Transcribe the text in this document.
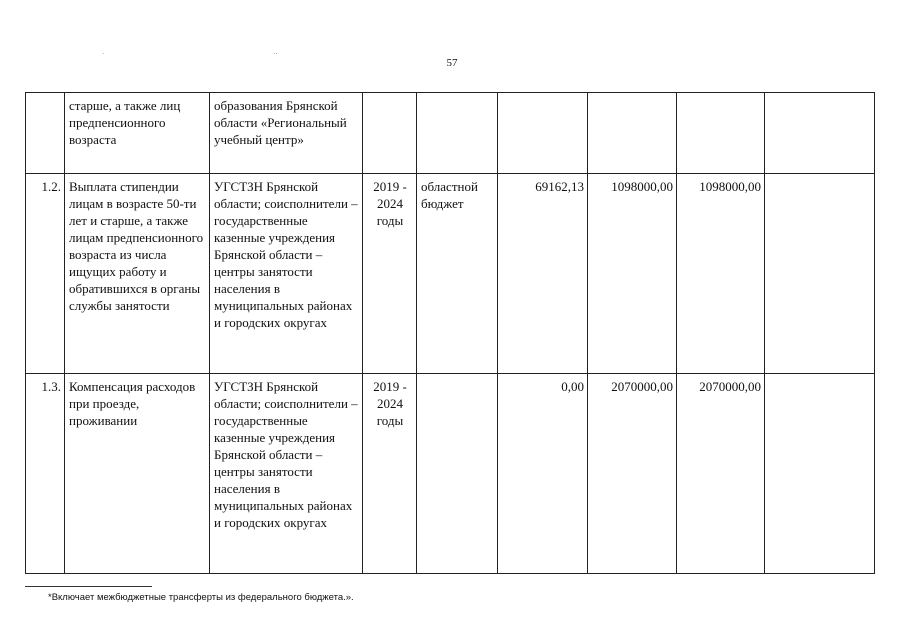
57
·	··
	старше, а также лиц предпенсионного возраста	образования Брянской области «Региональный учебный центр»						
1.2.	Выплата стипендии лицам в возрасте 50-ти лет и старше, а также лицам предпенсионного возраста из числа ищущих работу и обратившихся в органы службы занятости	УГСТЗН Брянской области; соисполнители – государственные казенные учреждения Брянской области – центры занятости населения в муниципальных районах и городских округах	2019 - 2024 годы	областной бюджет	69162,13	1098000,00	1098000,00	
1.3.	Компенсация расходов при проезде, проживании	УГСТЗН Брянской области; соисполнители – государственные казенные учреждения Брянской области – центры занятости населения в муниципальных районах и городских округах	2019 - 2024 годы		0,00	2070000,00	2070000,00	
*Включает межбюджетные трансферты из федерального бюджета.».
